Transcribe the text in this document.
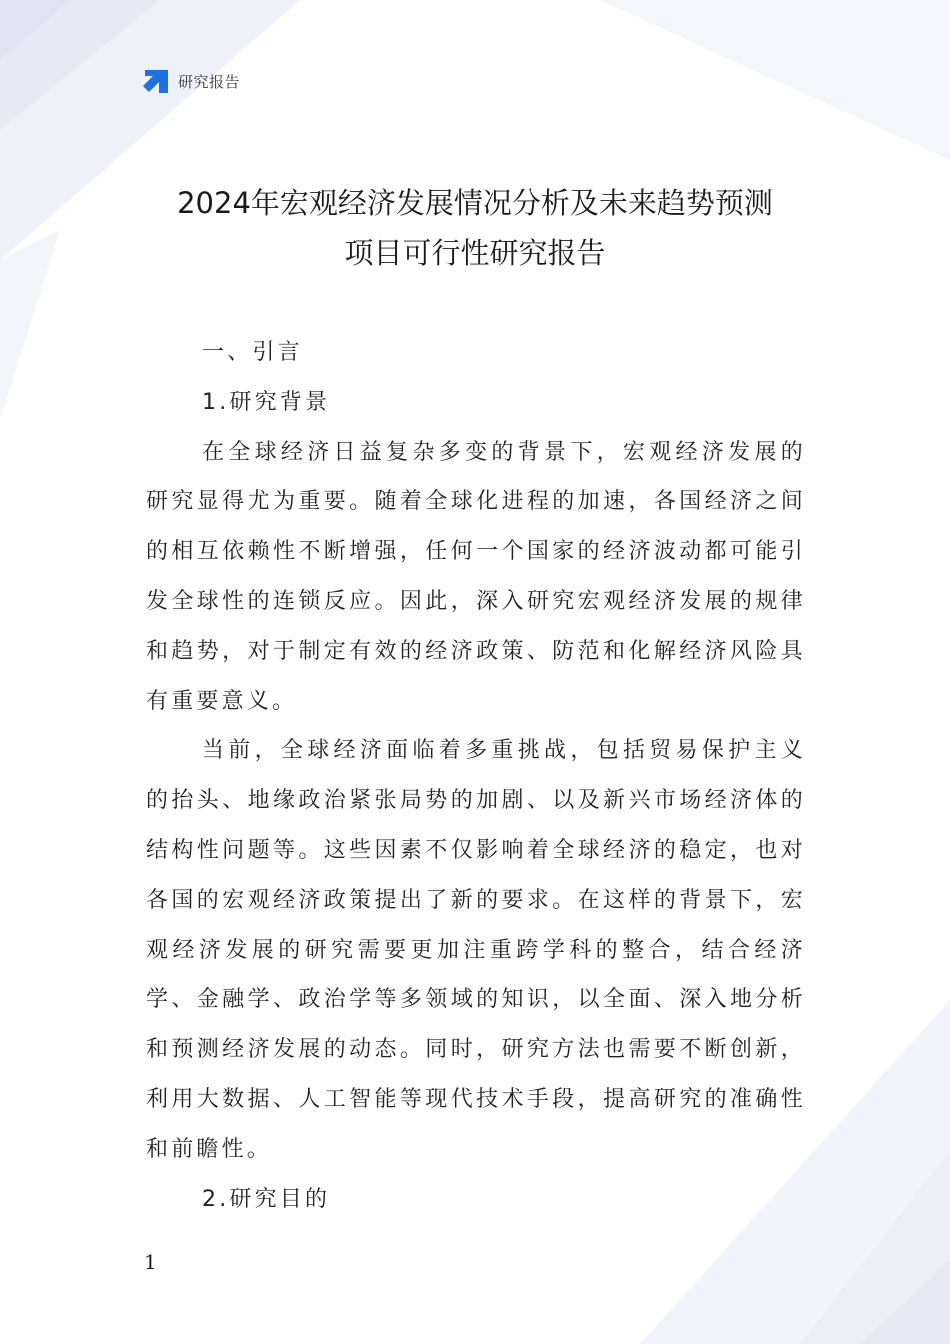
研究报告
2024年宏观经济发展情况分析及未来趋势预测
项目可行性研究报告

一、引言

1.研究背景

在全球经济日益复杂多变的背景下，宏观经济发展的研究显得尤为重要。随着全球化进程的加速，各国经济之间的相互依赖性不断增强，任何一个国家的经济波动都可能引发全球性的连锁反应。因此，深入研究宏观经济发展的规律和趋势，对于制定有效的经济政策、防范和化解经济风险具有重要意义。

当前，全球经济面临着多重挑战，包括贸易保护主义的抬头、地缘政治紧张局势的加剧、以及新兴市场经济体的结构性问题等。这些因素不仅影响着全球经济的稳定，也对各国的宏观经济政策提出了新的要求。在这样的背景下，宏观经济发展的研究需要更加注重跨学科的整合，结合经济学、金融学、政治学等多领域的知识，以全面、深入地分析和预测经济发展的动态。同时，研究方法也需要不断创新，利用大数据、人工智能等现代技术手段，提高研究的准确性和前瞻性。

2.研究目的

1
